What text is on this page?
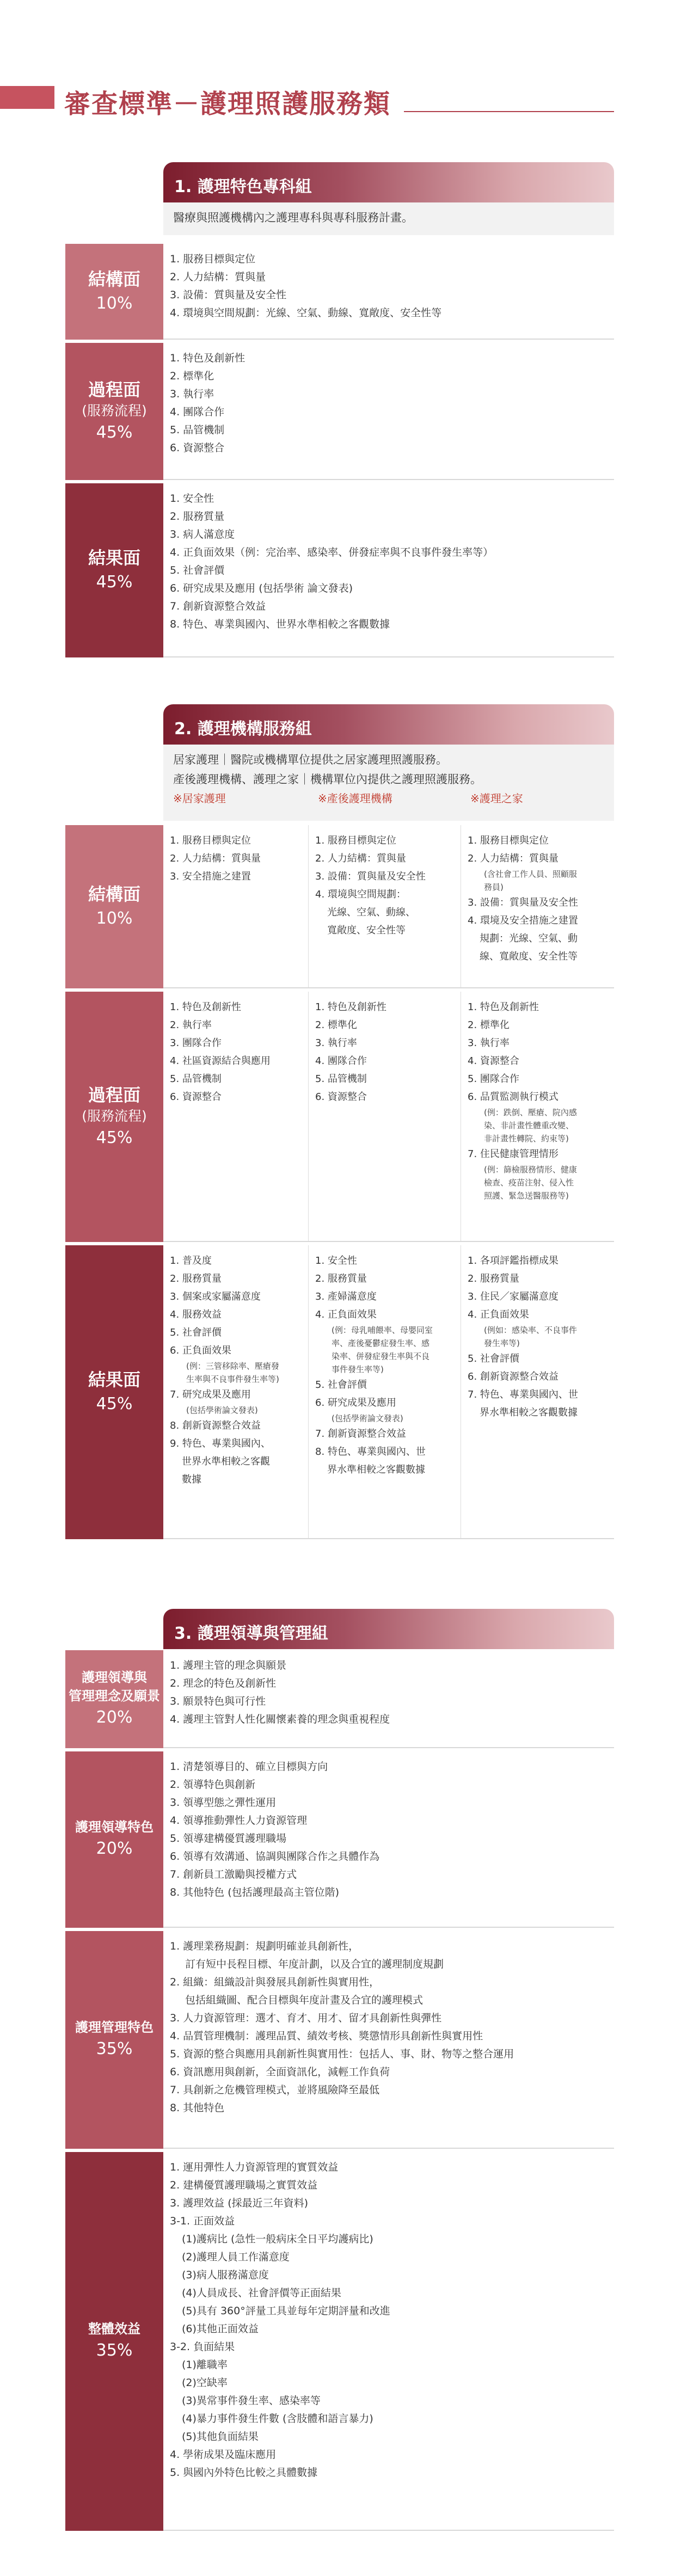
審查標準－護理照護服務類
1. 護理特色專科組
醫療與照護機構內之護理專科與專科服務計畫。
結構面
10%
1. 服務目標與定位
2. 人力結構：質與量
3. 設備：質與量及安全性
4. 環境與空間規劃：光線、空氣、動線、寬敞度、安全性等
過程面
(服務流程)
45%
1. 特色及創新性
2. 標準化
3. 執行率
4. 團隊合作
5. 品管機制
6. 資源整合
結果面
45%
1. 安全性
2. 服務質量
3. 病人滿意度
4. 正負面效果（例：完治率、感染率、併發症率與不良事件發生率等）
5. 社會評價
6. 研究成果及應用 (包括學術 論文發表)
7. 創新資源整合效益
8. 特色、專業與國內、世界水準相較之客觀數據
2. 護理機構服務組
居家護理｜醫院或機構單位提供之居家護理照護服務。
產後護理機構、護理之家｜機構單位內提供之護理照護服務。
※居家護理	※產後護理機構	※護理之家
結構面
10%
1. 服務目標與定位
2. 人力結構：質與量
3. 安全措施之建置
1. 服務目標與定位
2. 人力結構：質與量
3. 設備：質與量及安全性
4. 環境與空間規劃：
光線、空氣、動線、
寬敞度、安全性等
1. 服務目標與定位
2. 人力結構：質與量
(含社會工作人員、照顧服
務員)
3. 設備：質與量及安全性
4. 環境及安全措施之建置
規劃：光線、空氣、動
線、寬敞度、安全性等
過程面
(服務流程)
45%
1. 特色及創新性
2. 執行率
3. 團隊合作
4. 社區資源結合與應用
5. 品管機制
6. 資源整合
1. 特色及創新性
2. 標準化
3. 執行率
4. 團隊合作
5. 品管機制
6. 資源整合
1. 特色及創新性
2. 標準化
3. 執行率
4. 資源整合
5. 團隊合作
6. 品質監測執行模式
(例：跌倒、壓瘡、院內感
染、非計畫性體重改變、
非計畫性轉院、約束等)
7. 住民健康管理情形
(例：篩檢服務情形、健康
檢查、疫苗注射、侵入性
照護、緊急送醫服務等)
結果面
45%
1. 普及度
2. 服務質量
3. 個案或家屬滿意度
4. 服務效益
5. 社會評價
6. 正負面效果
(例：三管移除率、壓瘡發
生率與不良事件發生率等)
7. 研究成果及應用
(包括學術論文發表)
8. 創新資源整合效益
9. 特色、專業與國內、
世界水準相較之客觀
數據
1. 安全性
2. 服務質量
3. 產婦滿意度
4. 正負面效果
(例：母乳哺餵率、母嬰同室
率、產後憂鬱症發生率、感
染率、併發症發生率與不良
事件發生率等)
5. 社會評價
6. 研究成果及應用
(包括學術論文發表)
7. 創新資源整合效益
8. 特色、專業與國內、世
界水準相較之客觀數據
1. 各項評鑑指標成果
2. 服務質量
3. 住民／家屬滿意度
4. 正負面效果
(例如：感染率、不良事件
發生率等)
5. 社會評價
6. 創新資源整合效益
7. 特色、專業與國內、世
界水準相較之客觀數據
3. 護理領導與管理組
護理領導與
管理理念及願景
20%
1. 護理主管的理念與願景
2. 理念的特色及創新性
3. 願景特色與可行性
4. 護理主管對人性化關懷素養的理念與重視程度
護理領導特色
20%
1. 清楚領導目的、確立目標與方向
2. 領導特色與創新
3. 領導型態之彈性運用
4. 領導推動彈性人力資源管理
5. 領導建構優質護理職場
6. 領導有效溝通、協調與團隊合作之具體作為
7. 創新員工激勵與授權方式
8. 其他特色 (包括護理最高主管位階)
護理管理特色
35%
1. 護理業務規劃：規劃明確並具創新性，
訂有短中長程目標、年度計劃，以及合宜的護理制度規劃
2. 組織：組織設計與發展具創新性與實用性，
包括組織圖、配合目標與年度計畫及合宜的護理模式
3. 人力資源管理：選才、育才、用才、留才具創新性與彈性
4. 品質管理機制：護理品質、績效考核、獎懲情形具創新性與實用性
5. 資源的整合與應用具創新性與實用性：包括人、事、財、物等之整合運用
6. 資訊應用與創新，全面資訊化，減輕工作負荷
7. 具創新之危機管理模式，並將風險降至最低
8. 其他特色
整體效益
35%
1. 運用彈性人力資源管理的實質效益
2. 建構優質護理職場之實質效益
3. 護理效益 (採最近三年資料)
3-1. 正面效益
(1)護病比 (急性一般病床全日平均護病比)
(2)護理人員工作滿意度
(3)病人服務滿意度
(4)人員成長、社會評價等正面結果
(5)具有 360°評量工具並每年定期評量和改進
(6)其他正面效益
3-2. 負面結果
(1)離職率
(2)空缺率
(3)異常事件發生率、感染率等
(4)暴力事件發生件數 (含肢體和語言暴力)
(5)其他負面結果
4. 學術成果及臨床應用
5. 與國內外特色比較之具體數據
